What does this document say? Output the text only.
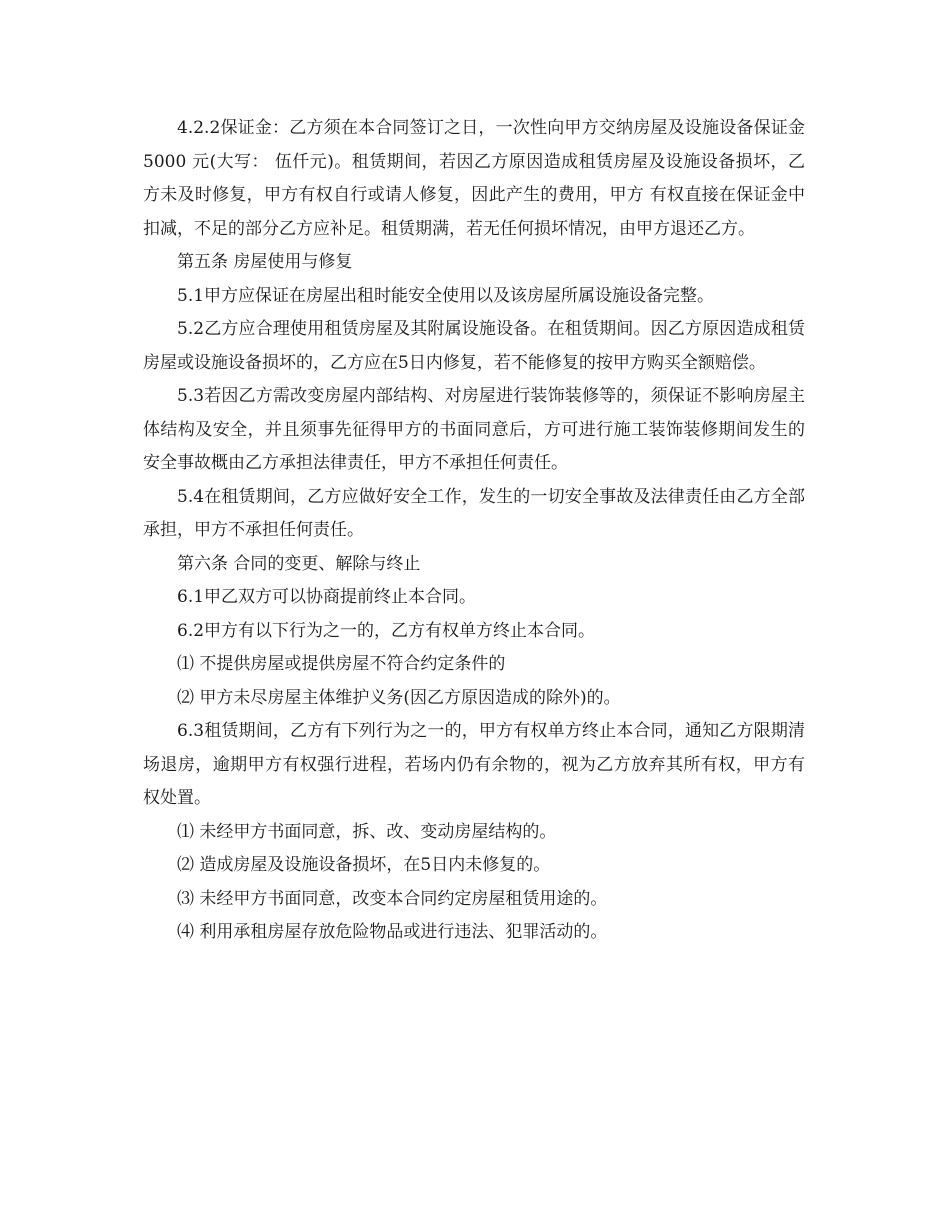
4.2.2保证金：乙方须在本合同签订之日，一次性向甲方交纳房屋及设施设备保证金 5000 元(大写： 伍仟元)。租赁期间，若因乙方原因造成租赁房屋及设施设备损坏，乙方未及时修复，甲方有权自行或请人修复，因此产生的费用，甲方 有权直接在保证金中扣减，不足的部分乙方应补足。租赁期满，若无任何损坏情况，由甲方退还乙方。

第五条 房屋使用与修复

5.1甲方应保证在房屋出租时能安全使用以及该房屋所属设施设备完整。

5.2乙方应合理使用租赁房屋及其附属设施设备。在租赁期间。因乙方原因造成租赁房屋或设施设备损坏的，乙方应在5日内修复，若不能修复的按甲方购买全额赔偿。

5.3若因乙方需改变房屋内部结构、对房屋进行装饰装修等的，须保证不影响房屋主体结构及安全，并且须事先征得甲方的书面同意后，方可进行施工装饰装修期间发生的安全事故概由乙方承担法律责任，甲方不承担任何责任。

5.4在租赁期间，乙方应做好安全工作，发生的一切安全事故及法律责任由乙方全部承担，甲方不承担任何责任。

第六条 合同的变更、解除与终止

6.1甲乙双方可以协商提前终止本合同。

6.2甲方有以下行为之一的，乙方有权单方终止本合同。

⑴ 不提供房屋或提供房屋不符合约定条件的

⑵ 甲方未尽房屋主体维护义务(因乙方原因造成的除外)的。

6.3租赁期间，乙方有下列行为之一的，甲方有权单方终止本合同，通知乙方限期清场退房，逾期甲方有权强行进程，若场内仍有余物的，视为乙方放弃其所有权，甲方有权处置。

⑴ 未经甲方书面同意，拆、改、变动房屋结构的。

⑵ 造成房屋及设施设备损坏，在5日内未修复的。

⑶ 未经甲方书面同意，改变本合同约定房屋租赁用途的。

⑷ 利用承租房屋存放危险物品或进行违法、犯罪活动的。
